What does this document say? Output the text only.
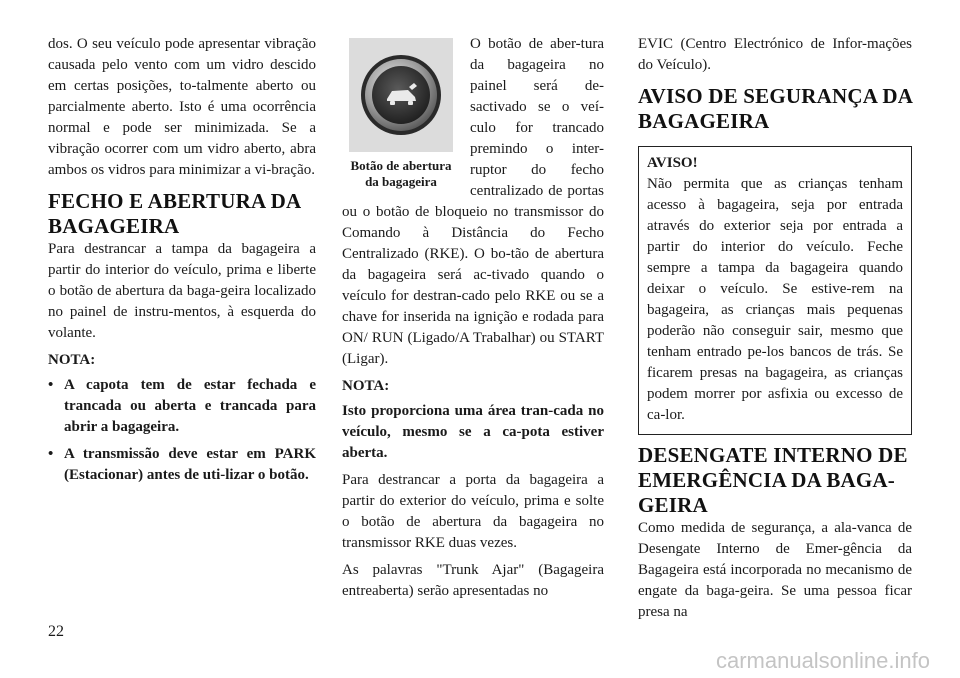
dos. O seu veículo pode apresentar vibração causada pelo vento com um vidro descido em certas posições, to-talmente aberto ou parcialmente aberto. Isto é uma ocorrência normal e pode ser minimizada. Se a vibração ocorrer com um vidro aberto, abra ambos os vidros para minimizar a vi-bração.

FECHO E ABERTURA DA BAGAGEIRA

Para destrancar a tampa da bagageira a partir do interior do veículo, prima e liberte o botão de abertura da baga-geira localizado no painel de instru-mentos, à esquerda do volante.

NOTA:
• A capota tem de estar fechada e trancada ou aberta e trancada para abrir a bagageira.
• A transmissão deve estar em PARK (Estacionar) antes de uti-lizar o botão.
Botão de abertura da bagageira

O botão de aber-tura da bagageira no painel será de-sactivado se o veí-culo for trancado premindo o inter-ruptor do fecho centralizado de portas ou o botão de bloqueio no transmissor do Comando à Distância do Fecho Centralizado (RKE). O bo-tão de abertura da bagageira será ac-tivado quando o veículo for destran-cado pelo RKE ou se a chave for inserida na ignição e rodada para ON/ RUN (Ligado/A Trabalhar) ou START (Ligar).

NOTA:

Isto proporciona uma área tran-cada no veículo, mesmo se a ca-pota estiver aberta.

Para destrancar a porta da bagageira a partir do exterior do veículo, prima e solte o botão de abertura da bagageira no transmissor RKE duas vezes.

As palavras "Trunk Ajar" (Bagageira entreaberta) serão apresentadas no

EVIC (Centro Electrónico de Infor-mações do Veículo).

AVISO DE SEGURANÇA DA BAGAGEIRA
AVISO!
Não permita que as crianças tenham acesso à bagageira, seja por entrada através do exterior seja por entrada a partir do interior do veículo. Feche sempre a tampa da bagageira quando deixar o veículo. Se estive-rem na bagageira, as crianças mais pequenas poderão não conseguir sair, mesmo que tenham entrado pe-los bancos de trás. Se ficarem presas na bagageira, as crianças podem morrer por asfixia ou excesso de ca-lor.
DESENGATE INTERNO DE EMERGÊNCIA DA BAGA-GEIRA

Como medida de segurança, a ala-vanca de Desengate Interno de Emer-gência da Bagageira está incorporada no mecanismo de engate da baga-geira. Se uma pessoa ficar presa na

22
carmanualsonline.info
